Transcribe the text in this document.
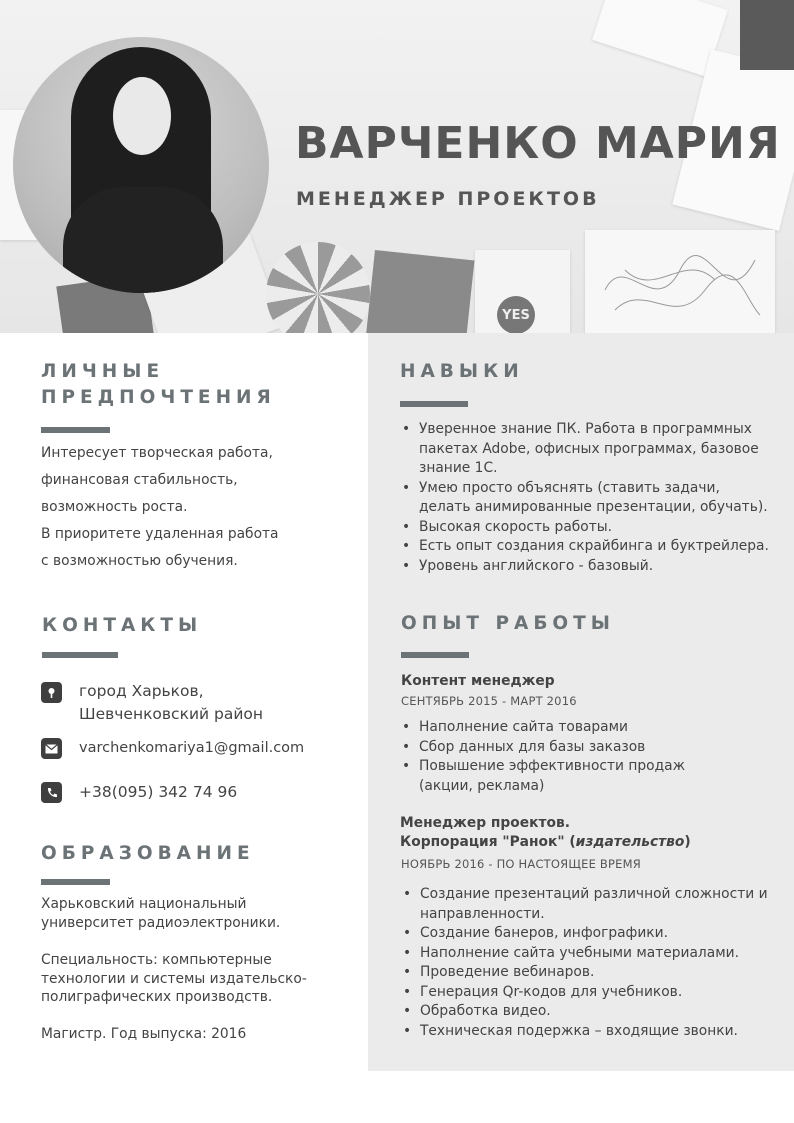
YES
ВАРЧЕНКО МАРИЯ
МЕНЕДЖЕР ПРОЕКТОВ
ЛИЧНЫЕ
ПРЕДПОЧТЕНИЯ
Интересует творческая работа,
финансовая стабильность,
возможность роста.
В приоритете удаленная работа
с возможностью обучения.
КОНТАКТЫ
город Харьков,
Шевченковский район
varchenkomariya1@gmail.com
+38(095) 342 74 96
ОБРАЗОВАНИЕ
Харьковский национальный университет радиоэлектроники.
Специальность: компьютерные технологии и системы издательско-полиграфических производств.
Магистр. Год выпуска: 2016
НАВЫКИ
• Уверенное знание ПК. Работа в программных пакетах Adobe, офисных программах, базовое знание 1С.
• Умею просто объяснять (ставить задачи, делать анимированные презентации, обучать).
• Высокая скорость работы.
• Есть опыт создания скрайбинга и буктрейлера.
• Уровень английского - базовый.
ОПЫТ РАБОТЫ
Контент менеджер
СЕНТЯБРЬ 2015 - МАРТ 2016
• Наполнение сайта товарами
• Сбор данных для базы заказов
• Повышение эффективности продаж (акции, реклама)
Менеджер проектов.
Корпорация "Ранок" (издательство)
НОЯБРЬ 2016 - ПО НАСТОЯЩЕЕ ВРЕМЯ
• Создание презентаций различной сложности и направленности.
• Создание банеров, инфографики.
• Наполнение сайта учебными материалами.
• Проведение вебинаров.
• Генерация Qr-кодов для учебников.
• Обработка видео.
• Техническая подержка – входящие звонки.
